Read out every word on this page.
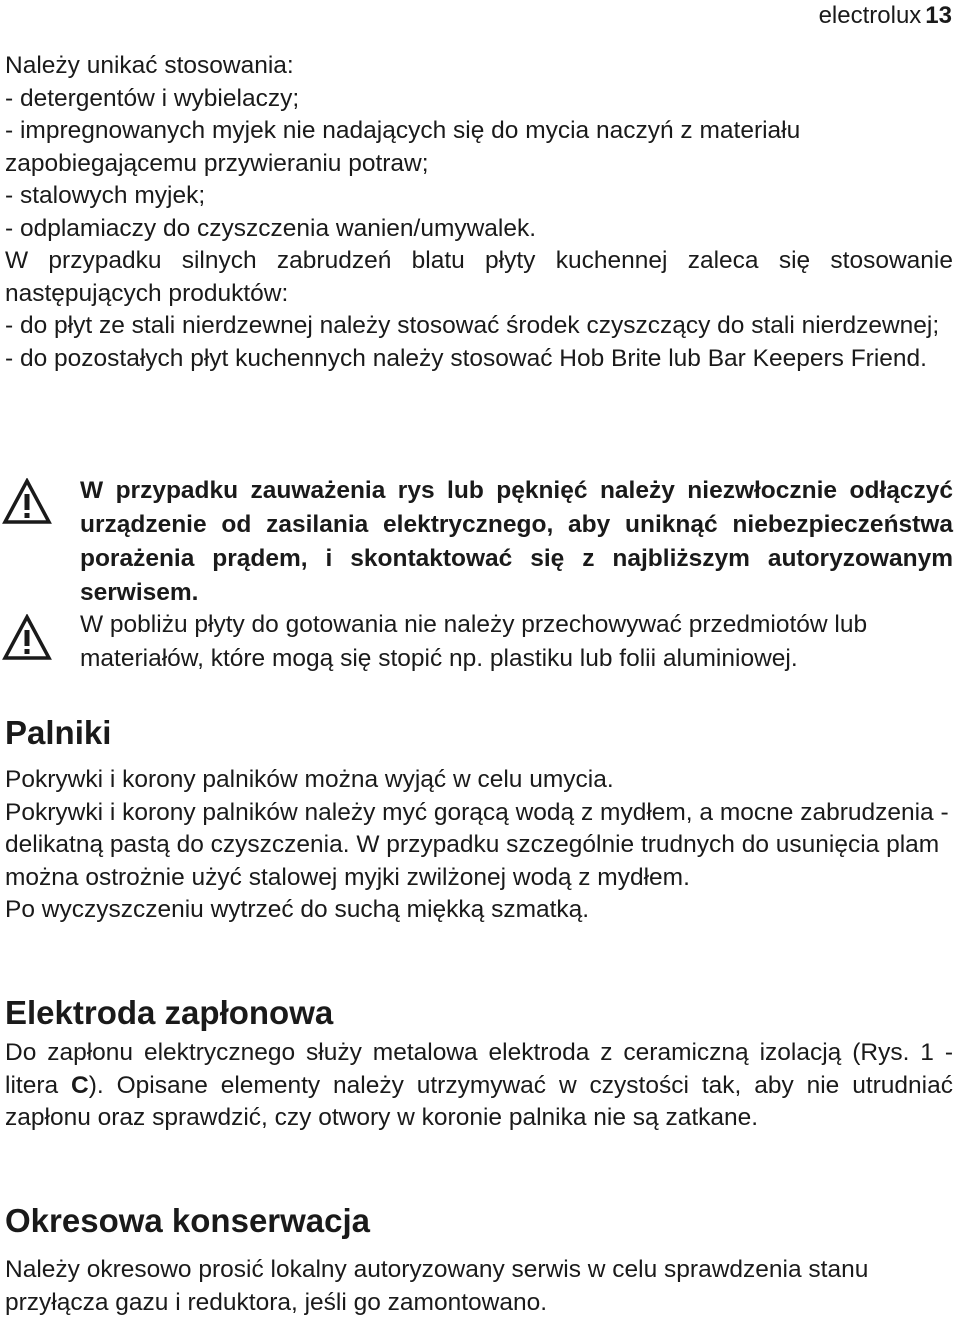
electrolux 13

Należy unikać stosowania:

- detergentów i wybielaczy;

- impregnowanych myjek nie nadających się do mycia naczyń z materiału zapobiegającemu przywieraniu potraw;

- stalowych myjek;

- odplamiaczy do czyszczenia wanien/umywalek.

W przypadku silnych zabrudzeń blatu płyty kuchennej zaleca się stosowanie następujących produktów:

- do płyt ze stali nierdzewnej należy stosować środek czyszczący do stali nierdzewnej;

- do pozostałych płyt kuchennych należy stosować Hob Brite lub Bar Keepers Friend.

W przypadku zauważenia rys lub pęknięć należy niezwłocznie odłączyć urządzenie od zasilania elektrycznego, aby uniknąć niebezpieczeństwa porażenia prądem, i skontaktować się z najbliższym autoryzowanym serwisem.
W pobliżu płyty do gotowania nie należy przechowywać przedmiotów lub materiałów, które mogą się stopić np. plastiku lub folii aluminiowej.
Palniki

Pokrywki i korony palników można wyjąć w celu umycia.

Pokrywki i korony palników należy myć gorącą wodą z mydłem, a mocne zabrudzenia - delikatną pastą do czyszczenia. W przypadku szczególnie trudnych do usunięcia plam można ostrożnie użyć stalowej myjki zwilżonej wodą z mydłem.

Po wyczyszczeniu wytrzeć do suchą miękką szmatką.

Elektroda zapłonowa
Do zapłonu elektrycznego służy metalowa elektroda z ceramiczną izolacją (Rys. 1 - litera C). Opisane elementy należy utrzymywać w czystości tak, aby nie utrudniać zapłonu oraz sprawdzić, czy otwory w koronie palnika nie są zatkane.
Okresowa konserwacja

Należy okresowo prosić lokalny autoryzowany serwis w celu sprawdzenia stanu przyłącza gazu i reduktora, jeśli go zamontowano.
